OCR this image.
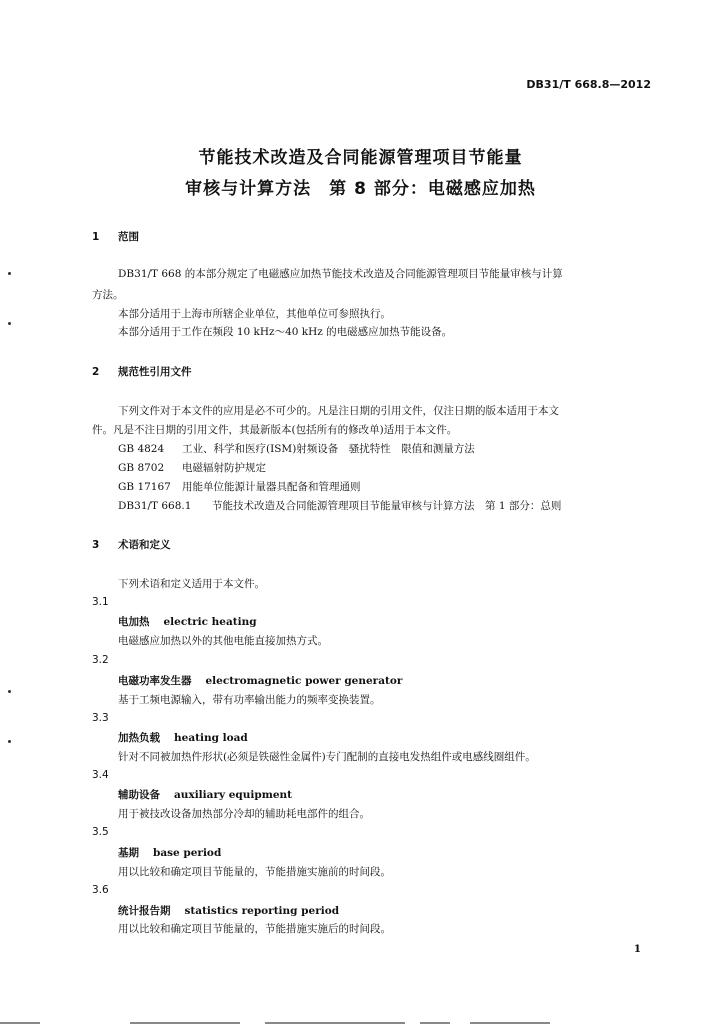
DB31/T 668.8—2012
节能技术改造及合同能源管理项目节能量
审核与计算方法　第 8 部分：电磁感应加热
1 范围
DB31/T 668 的本部分规定了电磁感应加热节能技术改造及合同能源管理项目节能量审核与计算
方法。
本部分适用于上海市所辖企业单位，其他单位可参照执行。
本部分适用于工作在频段 10 kHz～40 kHz 的电磁感应加热节能设备。
2 规范性引用文件
下列文件对于本文件的应用是必不可少的。凡是注日期的引用文件，仅注日期的版本适用于本文
件。凡是不注日期的引用文件，其最新版本(包括所有的修改单)适用于本文件。
GB 4824 工业、科学和医疗(ISM)射频设备　骚扰特性　限值和测量方法
GB 8702 电磁辐射防护规定
GB 17167 用能单位能源计量器具配备和管理通则
DB31/T 668.1 节能技术改造及合同能源管理项目节能量审核与计算方法　第 1 部分：总则
3 术语和定义
下列术语和定义适用于本文件。
3.1
电加热 electric heating
电磁感应加热以外的其他电能直接加热方式。
3.2
电磁功率发生器 electromagnetic power generator
基于工频电源输入，带有功率输出能力的频率变换装置。
3.3
加热负载 heating load
针对不同被加热件形状(必须是铁磁性金属件)专门配制的直接电发热组件或电感线圈组件。
3.4
辅助设备 auxiliary equipment
用于被技改设备加热部分冷却的辅助耗电部件的组合。
3.5
基期 base period
用以比较和确定项目节能量的，节能措施实施前的时间段。
3.6
统计报告期 statistics reporting period
用以比较和确定项目节能量的，节能措施实施后的时间段。
1
